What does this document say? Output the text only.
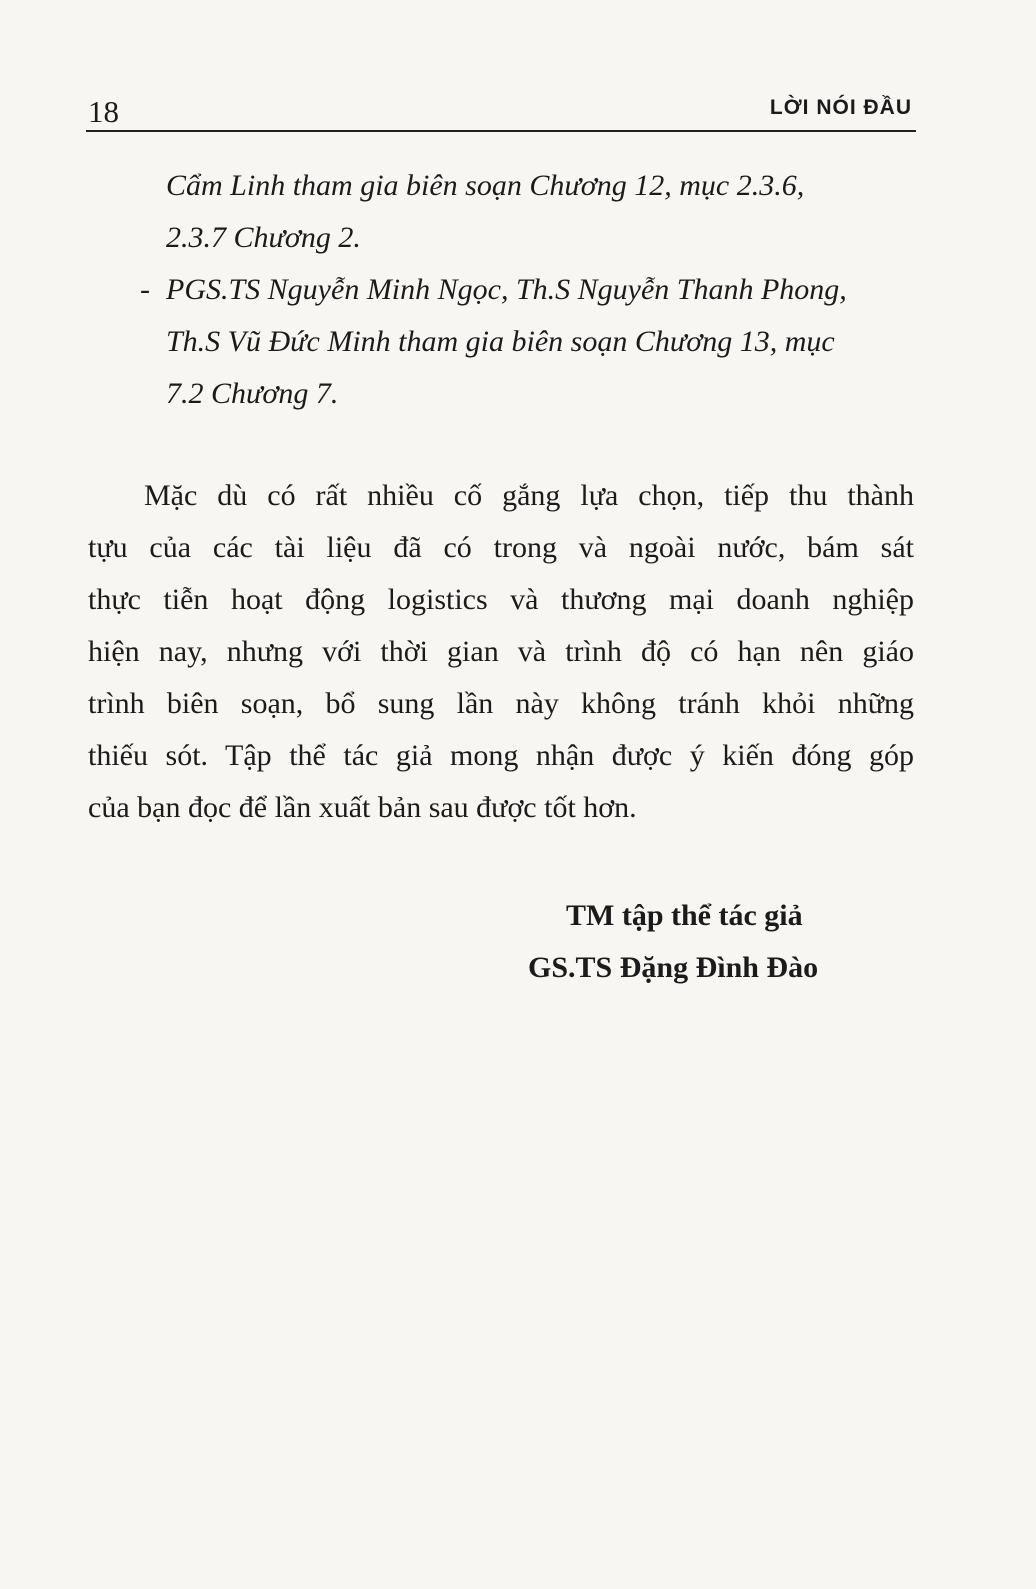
18	LỜI NÓI ĐẦU
Cẩm Linh tham gia biên soạn Chương 12, mục 2.3.6,
2.3.7 Chương 2.
- PGS.TS Nguyễn Minh Ngọc, Th.S Nguyễn Thanh Phong,
Th.S Vũ Đức Minh tham gia biên soạn Chương 13, mục
7.2 Chương 7.
Mặc dù có rất nhiều cố gắng lựa chọn, tiếp thu thành
tựu của các tài liệu đã có trong và ngoài nước, bám sát
thực tiễn hoạt động logistics và thương mại doanh nghiệp
hiện nay, nhưng với thời gian và trình độ có hạn nên giáo
trình biên soạn, bổ sung lần này không tránh khỏi những
thiếu sót. Tập thể tác giả mong nhận được ý kiến đóng góp
của bạn đọc để lần xuất bản sau được tốt hơn.
TM tập thể tác giả
GS.TS Đặng Đình Đào
